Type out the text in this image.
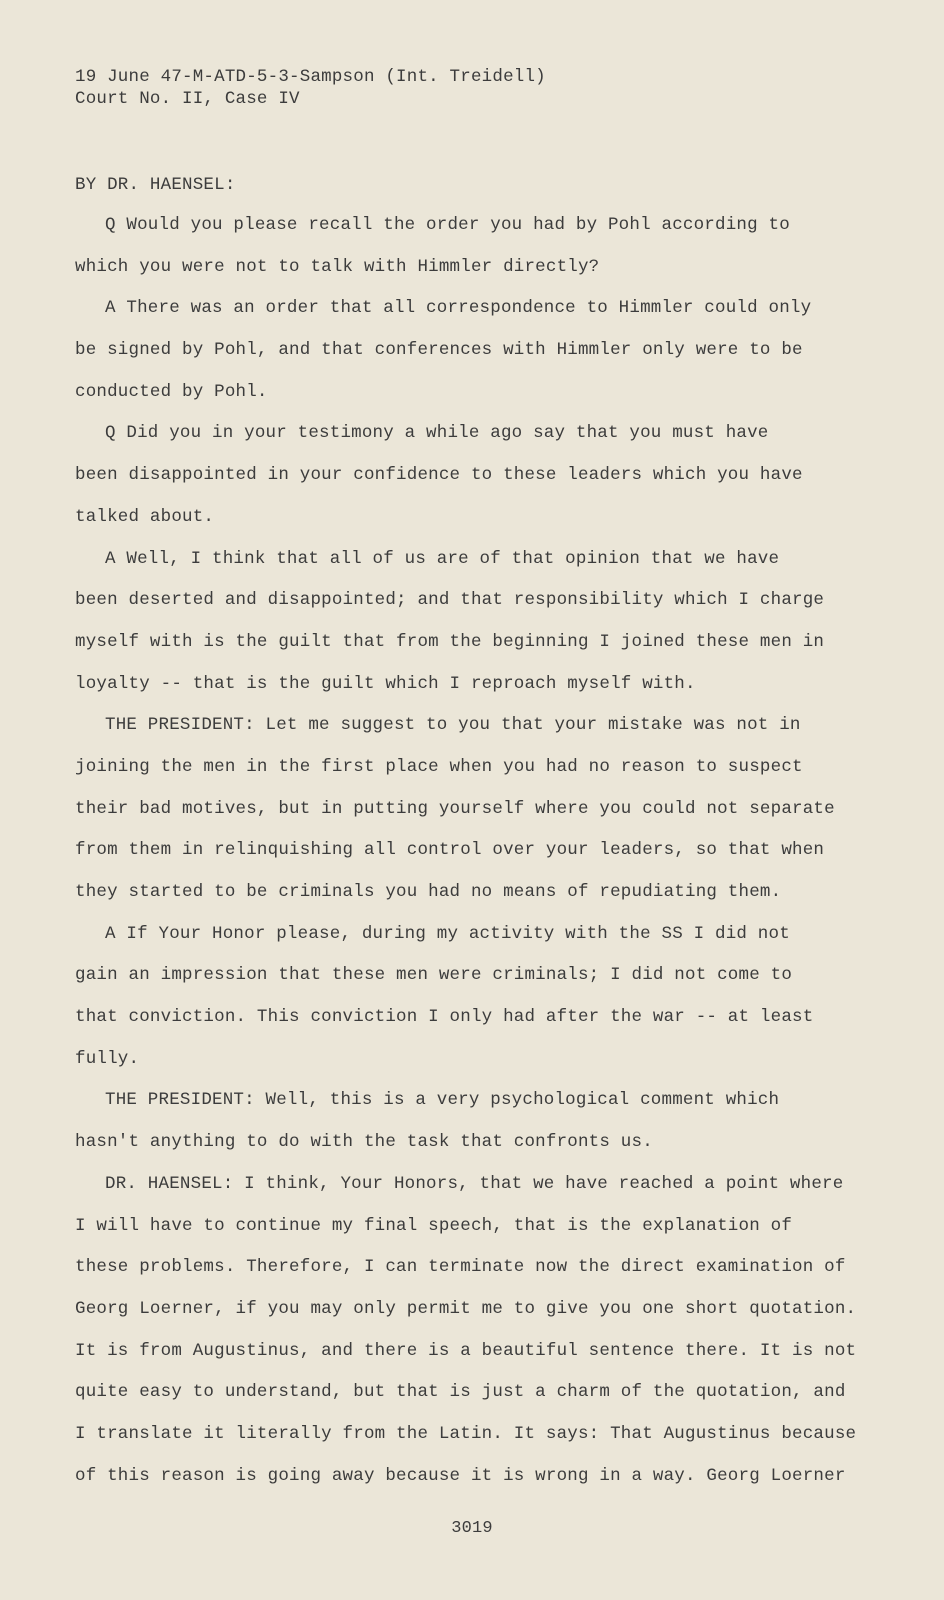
19 June 47-M-ATD-5-3-Sampson (Int. Treidell)
Court No. II, Case IV
BY DR. HAENSEL:
Q Would you please recall the order you had by Pohl according to
which you were not to talk with Himmler directly?
A There was an order that all correspondence to Himmler could only
be signed by Pohl, and that conferences with Himmler only were to be
conducted by Pohl.
Q Did you in your testimony a while ago say that you must have
been disappointed in your confidence to these leaders which you have
talked about.
A Well, I think that all of us are of that opinion that we have
been deserted and disappointed; and that responsibility which I charge
myself with is the guilt that from the beginning I joined these men in
loyalty -- that is the guilt which I reproach myself with.
THE PRESIDENT: Let me suggest to you that your mistake was not in
joining the men in the first place when you had no reason to suspect
their bad motives, but in putting yourself where you could not separate
from them in relinquishing all control over your leaders, so that when
they started to be criminals you had no means of repudiating them.
A If Your Honor please, during my activity with the SS I did not
gain an impression that these men were criminals; I did not come to
that conviction. This conviction I only had after the war -- at least
fully.
THE PRESIDENT: Well, this is a very psychological comment which
hasn't anything to do with the task that confronts us.
DR. HAENSEL: I think, Your Honors, that we have reached a point where
I will have to continue my final speech, that is the explanation of
these problems. Therefore, I can terminate now the direct examination of
Georg Loerner, if you may only permit me to give you one short quotation.
It is from Augustinus, and there is a beautiful sentence there. It is not
quite easy to understand, but that is just a charm of the quotation, and
I translate it literally from the Latin. It says: That Augustinus because
of this reason is going away because it is wrong in a way. Georg Loerner
3019
